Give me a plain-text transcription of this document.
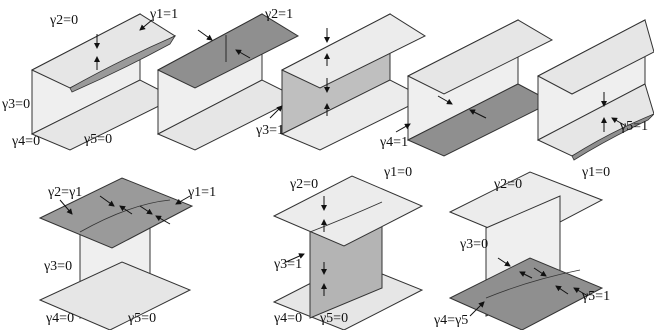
γ2=0	γ1=1
γ3=0
γ4=0	γ5=0
γ2=1
γ3=1
γ4=1
γ5=1
γ2=γ1	γ1=1
γ3=0
γ4=0	γ5=0
γ2=0
γ1=0
γ3=1
γ4=0 γ5=0
γ2=0
γ1=0
γ3=0
γ4=γ5
γ5=1
